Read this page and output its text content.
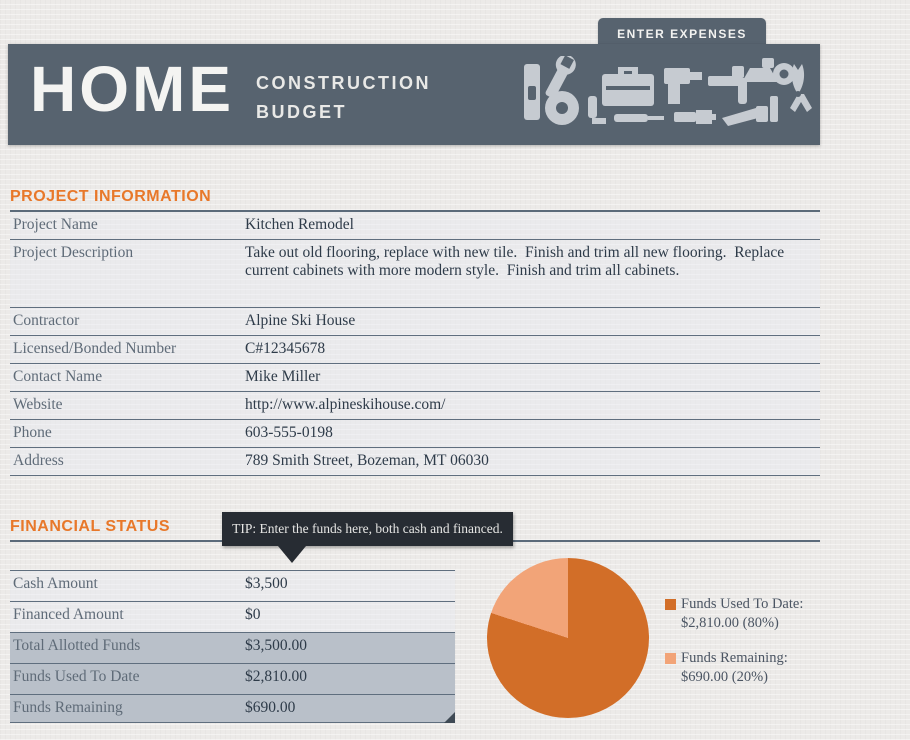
ENTER EXPENSES
HOME CONSTRUCTION
BUDGET
PROJECT INFORMATION
Project Name	Kitchen Remodel
Project Description	Take out old flooring, replace with new tile.  Finish and trim all new flooring.  Replace current cabinets with more modern style.  Finish and trim all cabinets.
Contractor	Alpine Ski House
Licensed/Bonded Number	C#12345678
Contact Name	Mike Miller
Website	http://www.alpineskihouse.com/
Phone	603-555-0198
Address	789 Smith Street, Bozeman, MT 06030
FINANCIAL STATUS	TIP: Enter the funds here, both cash and financed.
Cash Amount	$3,500
Financed Amount	$0
Total Allotted Funds	$3,500.00
Funds Used To Date	$2,810.00
Funds Remaining	$690.00
Funds Used To Date:
$2,810.00 (80%)
Funds Remaining:
$690.00 (20%)
